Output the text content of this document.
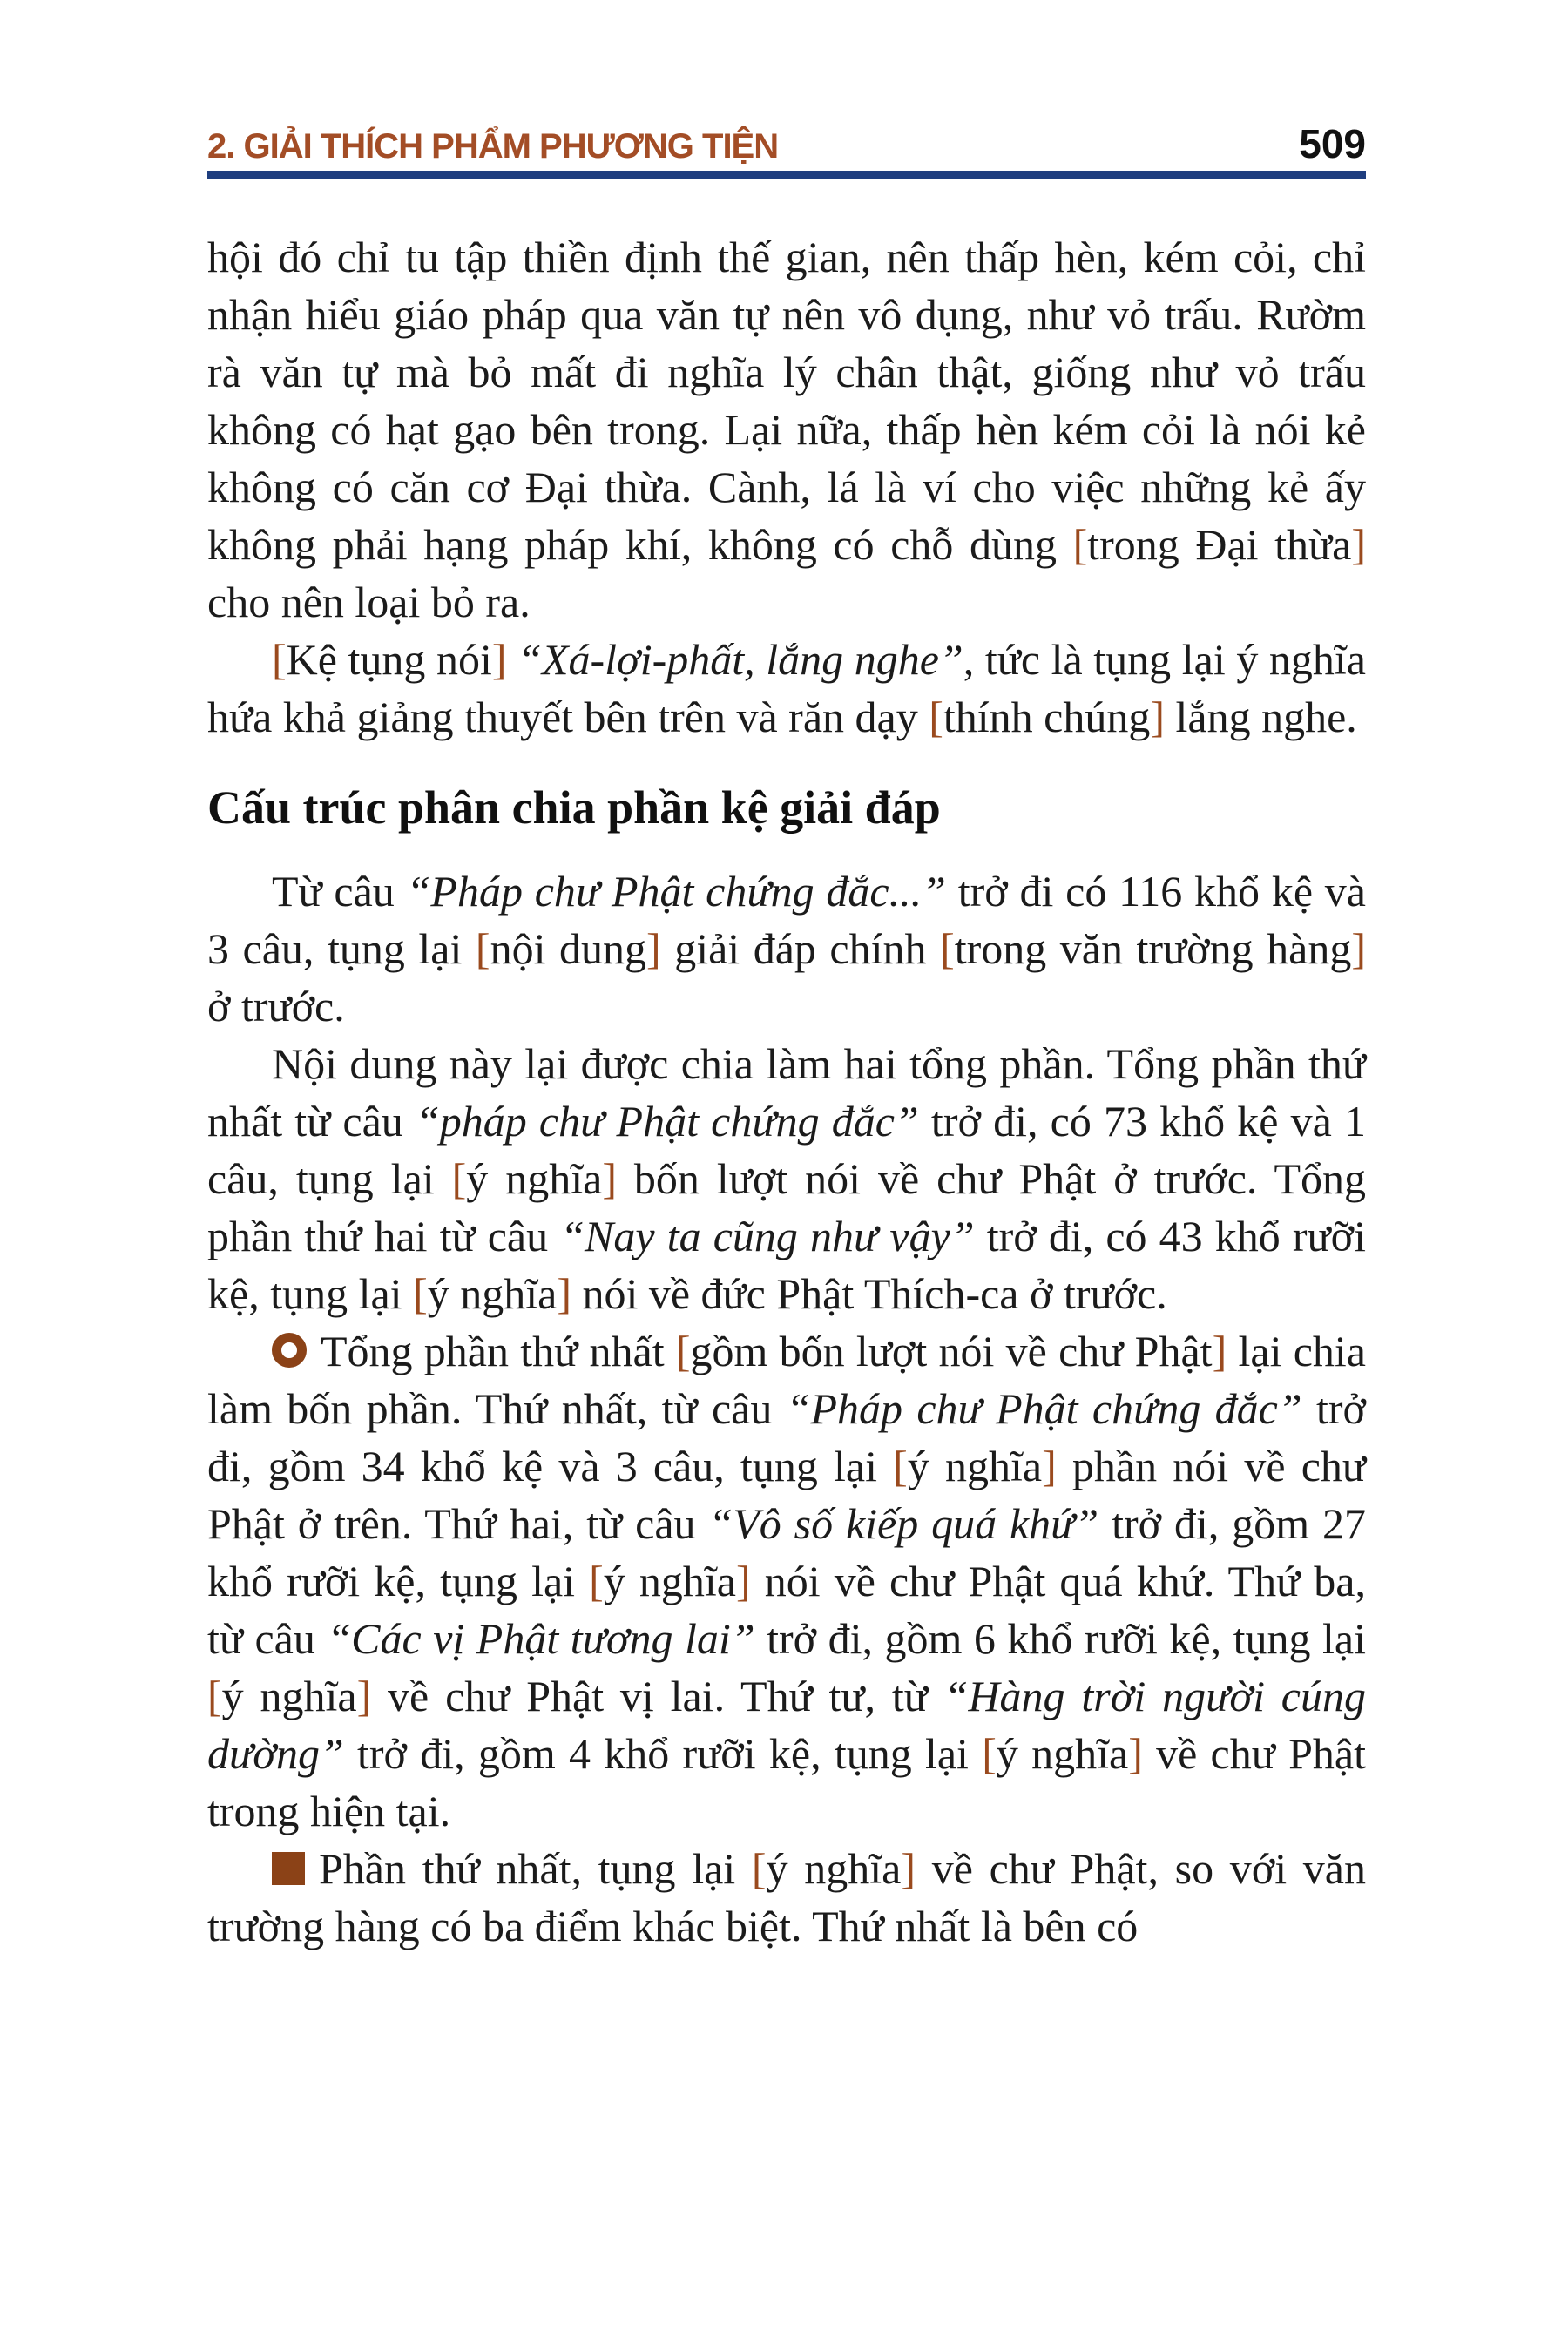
2. GIẢI THÍCH PHẨM PHƯƠNG TIỆN	509

hội đó chỉ tu tập thiền định thế gian, nên thấp hèn, kém cỏi, chỉ nhận hiểu giáo pháp qua văn tự nên vô dụng, như vỏ trấu. Rườm rà văn tự mà bỏ mất đi nghĩa lý chân thật, giống như vỏ trấu không có hạt gạo bên trong. Lại nữa, thấp hèn kém cỏi là nói kẻ không có căn cơ Đại thừa. Cành, lá là ví cho việc những kẻ ấy không phải hạng pháp khí, không có chỗ dùng [trong Đại thừa] cho nên loại bỏ ra.

[Kệ tụng nói] “Xá-lợi-phất, lắng nghe”, tức là tụng lại ý nghĩa hứa khả giảng thuyết bên trên và răn dạy [thính chúng] lắng nghe.

Cấu trúc phân chia phần kệ giải đáp

Từ câu “Pháp chư Phật chứng đắc...” trở đi có 116 khổ kệ và 3 câu, tụng lại [nội dung] giải đáp chính [trong văn trường hàng] ở trước.

Nội dung này lại được chia làm hai tổng phần. Tổng phần thứ nhất từ câu “pháp chư Phật chứng đắc” trở đi, có 73 khổ kệ và 1 câu, tụng lại [ý nghĩa] bốn lượt nói về chư Phật ở trước. Tổng phần thứ hai từ câu “Nay ta cũng như vậy” trở đi, có 43 khổ rưỡi kệ, tụng lại [ý nghĩa] nói về đức Phật Thích-ca ở trước.

Tổng phần thứ nhất [gồm bốn lượt nói về chư Phật] lại chia làm bốn phần. Thứ nhất, từ câu “Pháp chư Phật chứng đắc” trở đi, gồm 34 khổ kệ và 3 câu, tụng lại [ý nghĩa] phần nói về chư Phật ở trên. Thứ hai, từ câu “Vô số kiếp quá khứ” trở đi, gồm 27 khổ rưỡi kệ, tụng lại [ý nghĩa] nói về chư Phật quá khứ. Thứ ba, từ câu “Các vị Phật tương lai” trở đi, gồm 6 khổ rưỡi kệ, tụng lại [ý nghĩa] về chư Phật vị lai. Thứ tư, từ “Hàng trời người cúng dường” trở đi, gồm 4 khổ rưỡi kệ, tụng lại [ý nghĩa] về chư Phật trong hiện tại.

Phần thứ nhất, tụng lại [ý nghĩa] về chư Phật, so với văn trường hàng có ba điểm khác biệt. Thứ nhất là bên có
